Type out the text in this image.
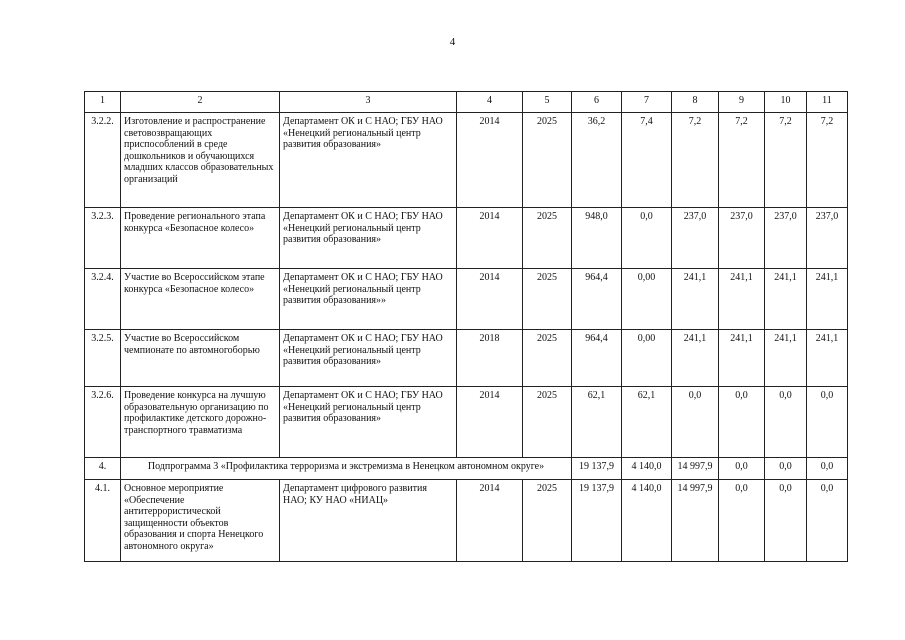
4
1	2	3	4	5	6	7	8	9	10	11
3.2.2.	Изготовление и распространение световозвращающих приспособлений в среде дошкольников и обучающихся младших классов образовательных организаций	Департамент ОК и С НАО; ГБУ НАО «Ненецкий региональный центр развития образования»	2014	2025	36,2	7,4	7,2	7,2	7,2	7,2
3.2.3.	Проведение регионального этапа конкурса «Безопасное колесо»	Департамент ОК и С НАО; ГБУ НАО «Ненецкий региональный центр развития образования»	2014	2025	948,0	0,0	237,0	237,0	237,0	237,0
3.2.4.	Участие во Всероссийском этапе конкурса «Безопасное колесо»	Департамент ОК и С НАО; ГБУ НАО «Ненецкий региональный центр развития образования»»	2014	2025	964,4	0,00	241,1	241,1	241,1	241,1
3.2.5.	Участие во Всероссийском чемпионате по автомногоборью	Департамент ОК и С НАО; ГБУ НАО «Ненецкий региональный центр развития образования»	2018	2025	964,4	0,00	241,1	241,1	241,1	241,1
3.2.6.	Проведение конкурса на лучшую образовательную организацию по профилактике детского дорожно-транспортного травматизма	Департамент ОК и С НАО; ГБУ НАО «Ненецкий региональный центр развития образования»	2014	2025	62,1	62,1	0,0	0,0	0,0	0,0
4.	Подпрограмма 3 «Профилактика терроризма и экстремизма в Ненецком автономном округе»				19 137,9	4 140,0	14 997,9	0,0	0,0	0,0
4.1.	Основное мероприятие «Обеспечение антитеррористической защищенности объектов образования и спорта Ненецкого автономного округа»	Департамент цифрового развития НАО; КУ НАО «НИАЦ»	2014	2025	19 137,9	4 140,0	14 997,9	0,0	0,0	0,0
